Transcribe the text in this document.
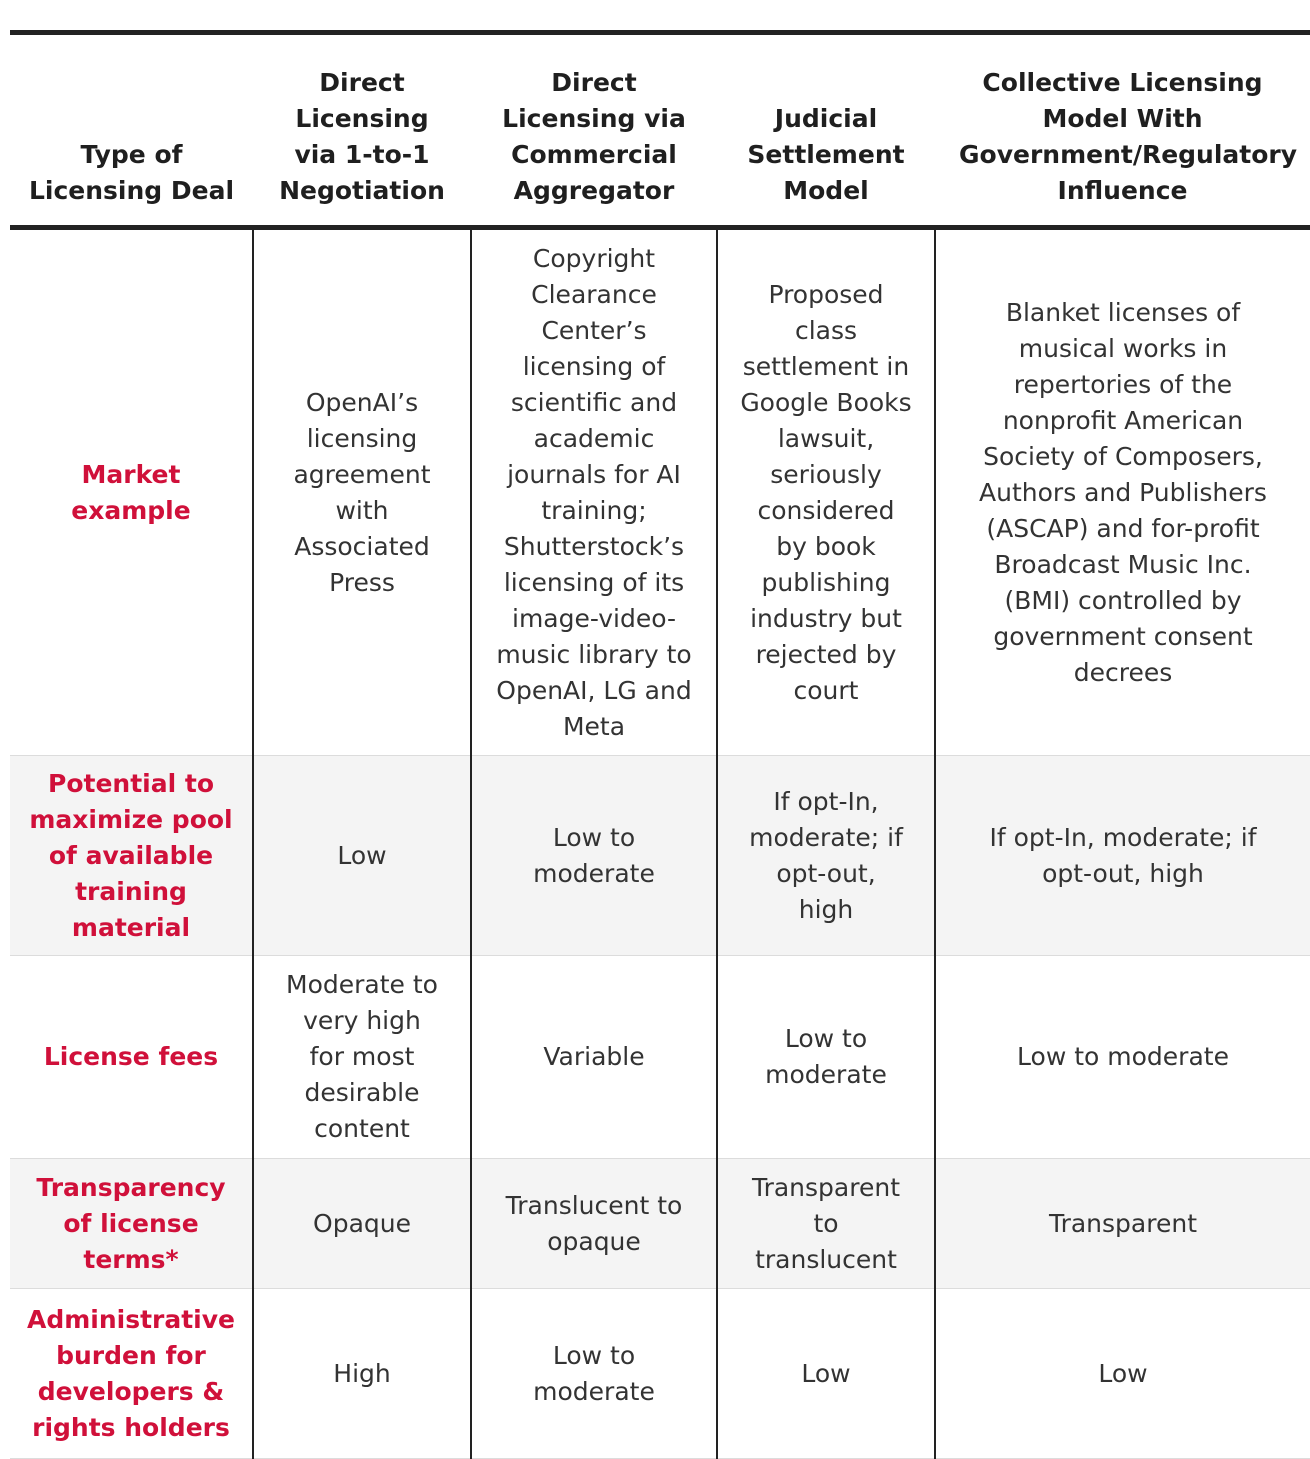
Type of Licensing Deal	Direct Licensing via 1-to-1 Negotiation	Direct Licensing via Commercial Aggregator	Judicial Settlement Model	Collective Licensing Model With Government/Regulatory Influence
Market example	OpenAI’s licensing agreement with Associated Press	Copyright Clearance Center’s licensing of scientific and academic journals for AI training; Shutterstock’s licensing of its image-video-music library to OpenAI, LG and Meta	Proposed class settlement in Google Books lawsuit, seriously considered by book publishing industry but rejected by court	Blanket licenses of musical works in repertories of the nonprofit American Society of Composers, Authors and Publishers (ASCAP) and for-profit Broadcast Music Inc. (BMI) controlled by government consent decrees
Potential to maximize pool of available training material	Low	Low to moderate	If opt-In, moderate; if opt-out, high	If opt-In, moderate; if opt-out, high
License fees	Moderate to very high for most desirable content	Variable	Low to moderate	Low to moderate
Transparency of license terms*	Opaque	Translucent to opaque	Transparent to translucent	Transparent
Administrative burden for developers & rights holders	High	Low to moderate	Low	Low
